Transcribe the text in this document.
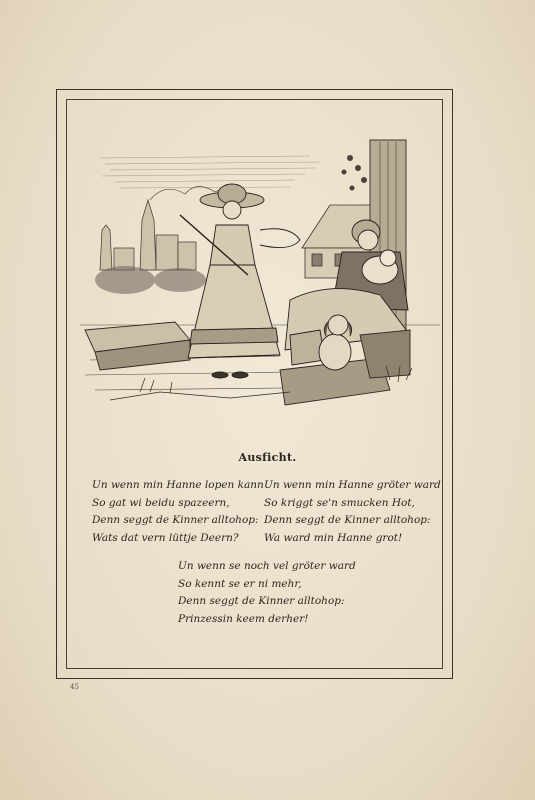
Ausficht.
Un wenn min Hanne lopen kann
So gat wi beidu spazeern,
Denn seggt de Kinner alltohop:
Wats dat vern lüttje Deern?
Un wenn min Hanne gröter ward
So kriggt se'n smucken Hot,
Denn seggt de Kinner alltohop:
Wa ward min Hanne grot!
Un wenn se noch vel gröter ward
So kennt se er ni mehr,
Denn seggt de Kinner alltohop:
Prinzessin keem derher!
45
